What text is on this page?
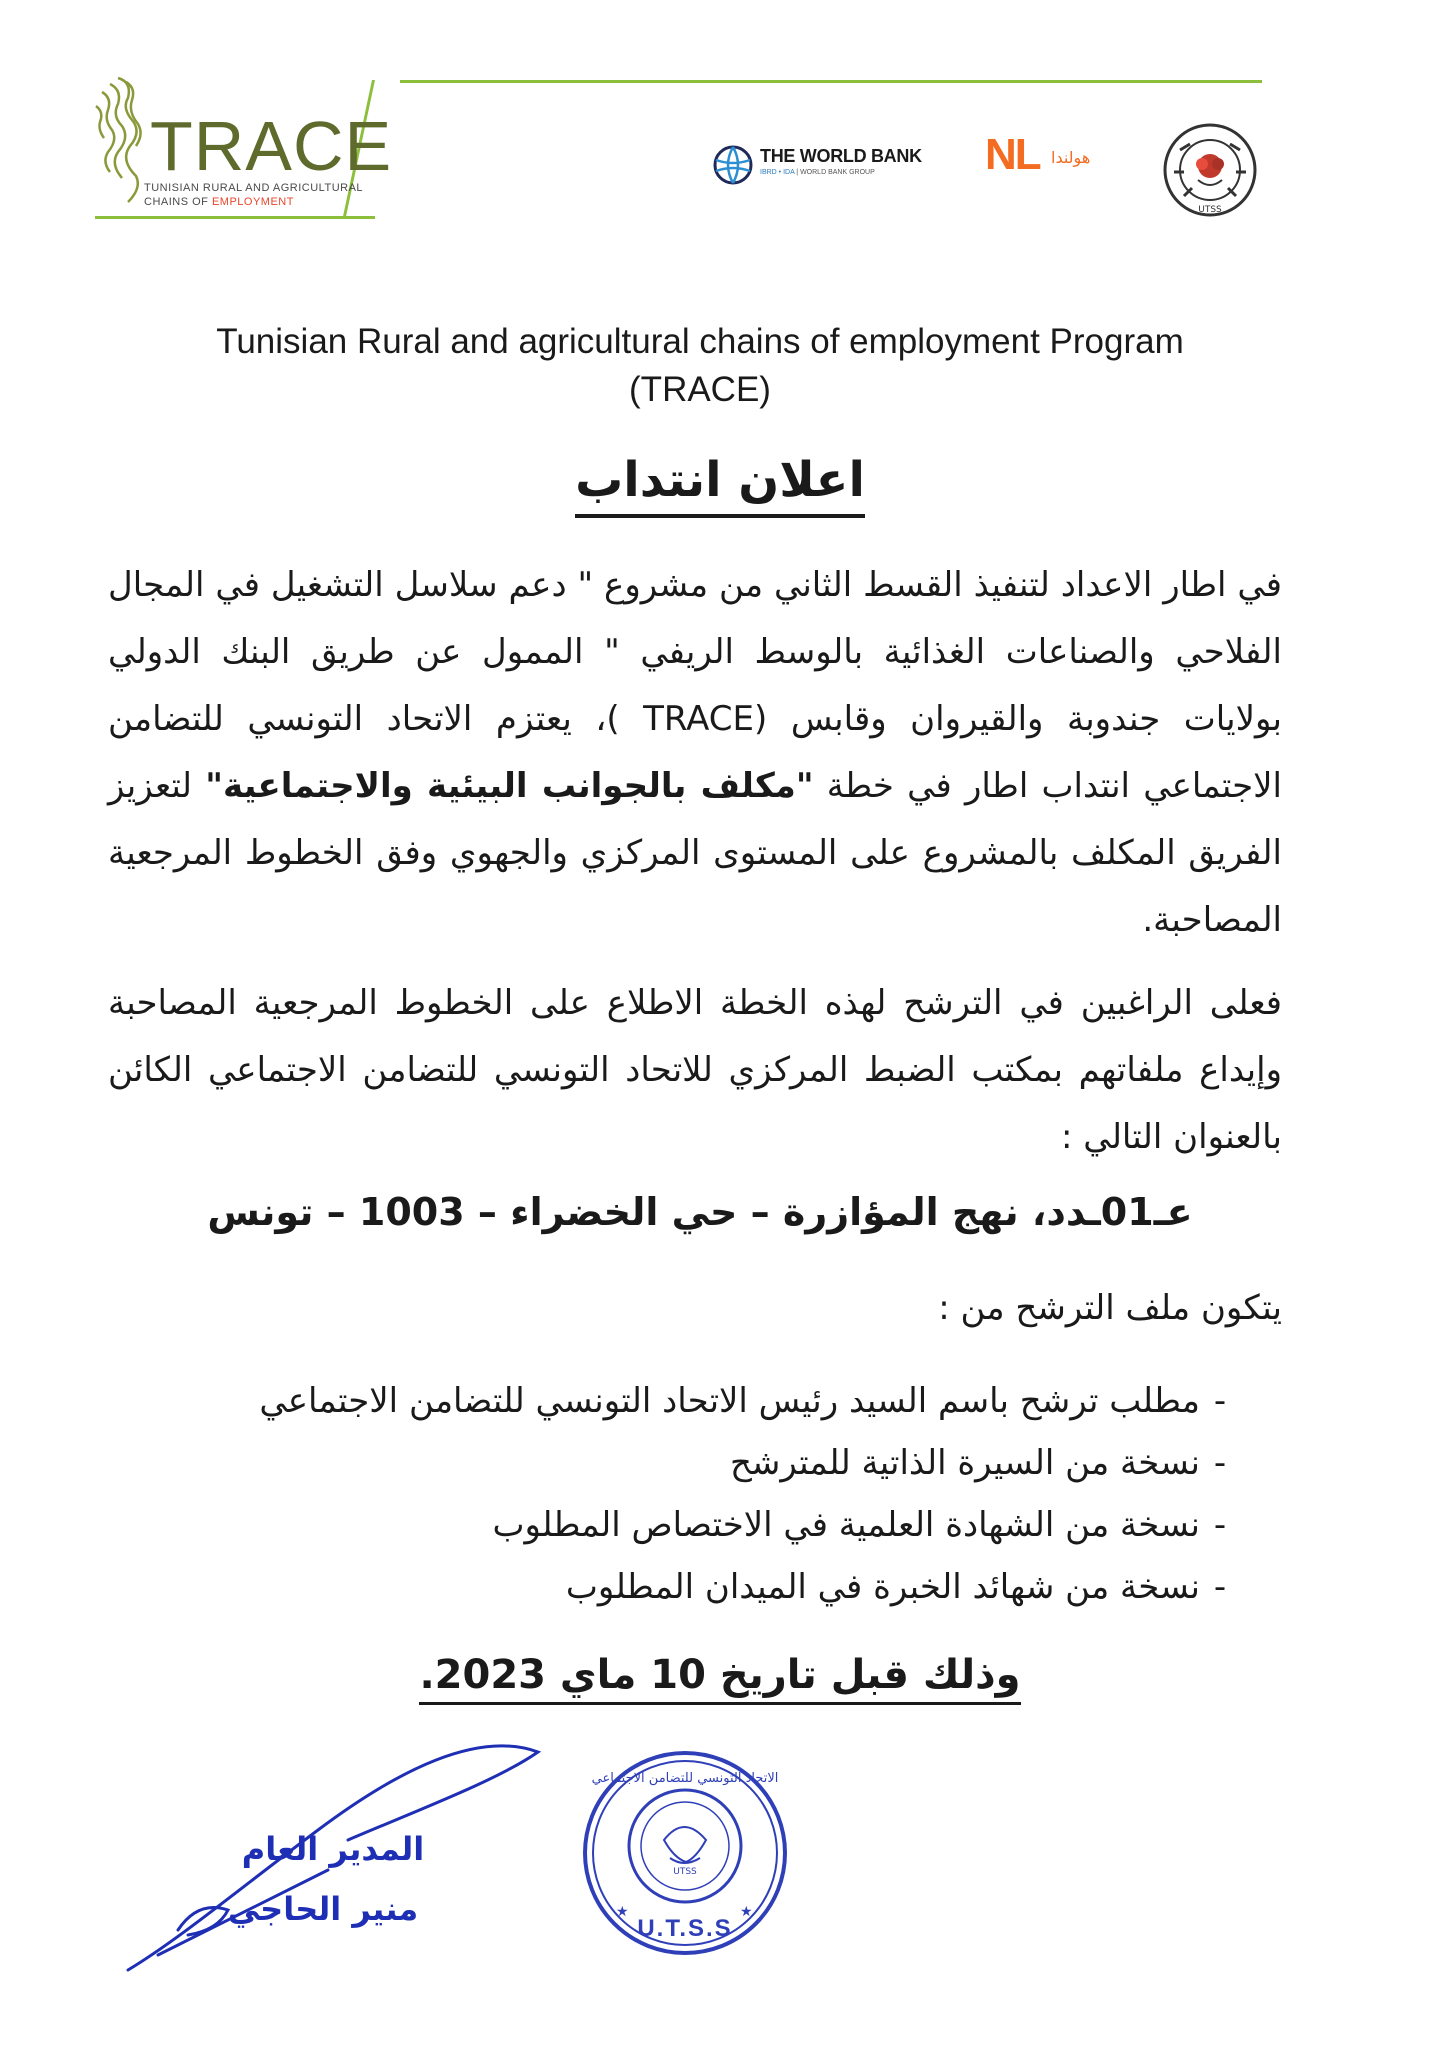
TRACE
TUNISIAN RURAL AND AGRICULTURAL
CHAINS OF EMPLOYMENT
THE WORLD BANK
IBRD • IDA | WORLD BANK GROUP	NL هولندا
UTSS
Tunisian Rural and agricultural chains of employment Program
(TRACE)
اعلان انتداب
في اطار الاعداد لتنفيذ القسط الثاني من مشروع " دعم سلاسل التشغيل في المجال الفلاحي والصناعات الغذائية بالوسط الريفي " الممول عن طريق البنك الدولي بولايات جندوبة والقيروان وقابس (TRACE )، يعتزم الاتحاد التونسي للتضامن الاجتماعي انتداب اطار في خطة "مكلف بالجوانب البيئية والاجتماعية" لتعزيز الفريق المكلف بالمشروع على المستوى المركزي والجهوي وفق الخطوط المرجعية المصاحبة.
فعلى الراغبين في الترشح لهذه الخطة الاطلاع على الخطوط المرجعية المصاحبة وإيداع ملفاتهم بمكتب الضبط المركزي للاتحاد التونسي للتضامن الاجتماعي الكائن بالعنوان التالي :
عـ01ـدد، نهج المؤازرة – حي الخضراء – 1003 – تونس
يتكون ملف الترشح من :
-مطلب ترشح باسم السيد رئيس الاتحاد التونسي للتضامن الاجتماعي
-نسخة من السيرة الذاتية للمترشح
-نسخة من الشهادة العلمية في الاختصاص المطلوب
-نسخة من شهائد الخبرة في الميدان المطلوب
وذلك قبل تاريخ 10 ماي 2023.
المدير العام
منير الحاجي	★	★
U.T.S.S
UTSS
الاتحاد التونسي للتضامن الاجتماعي
